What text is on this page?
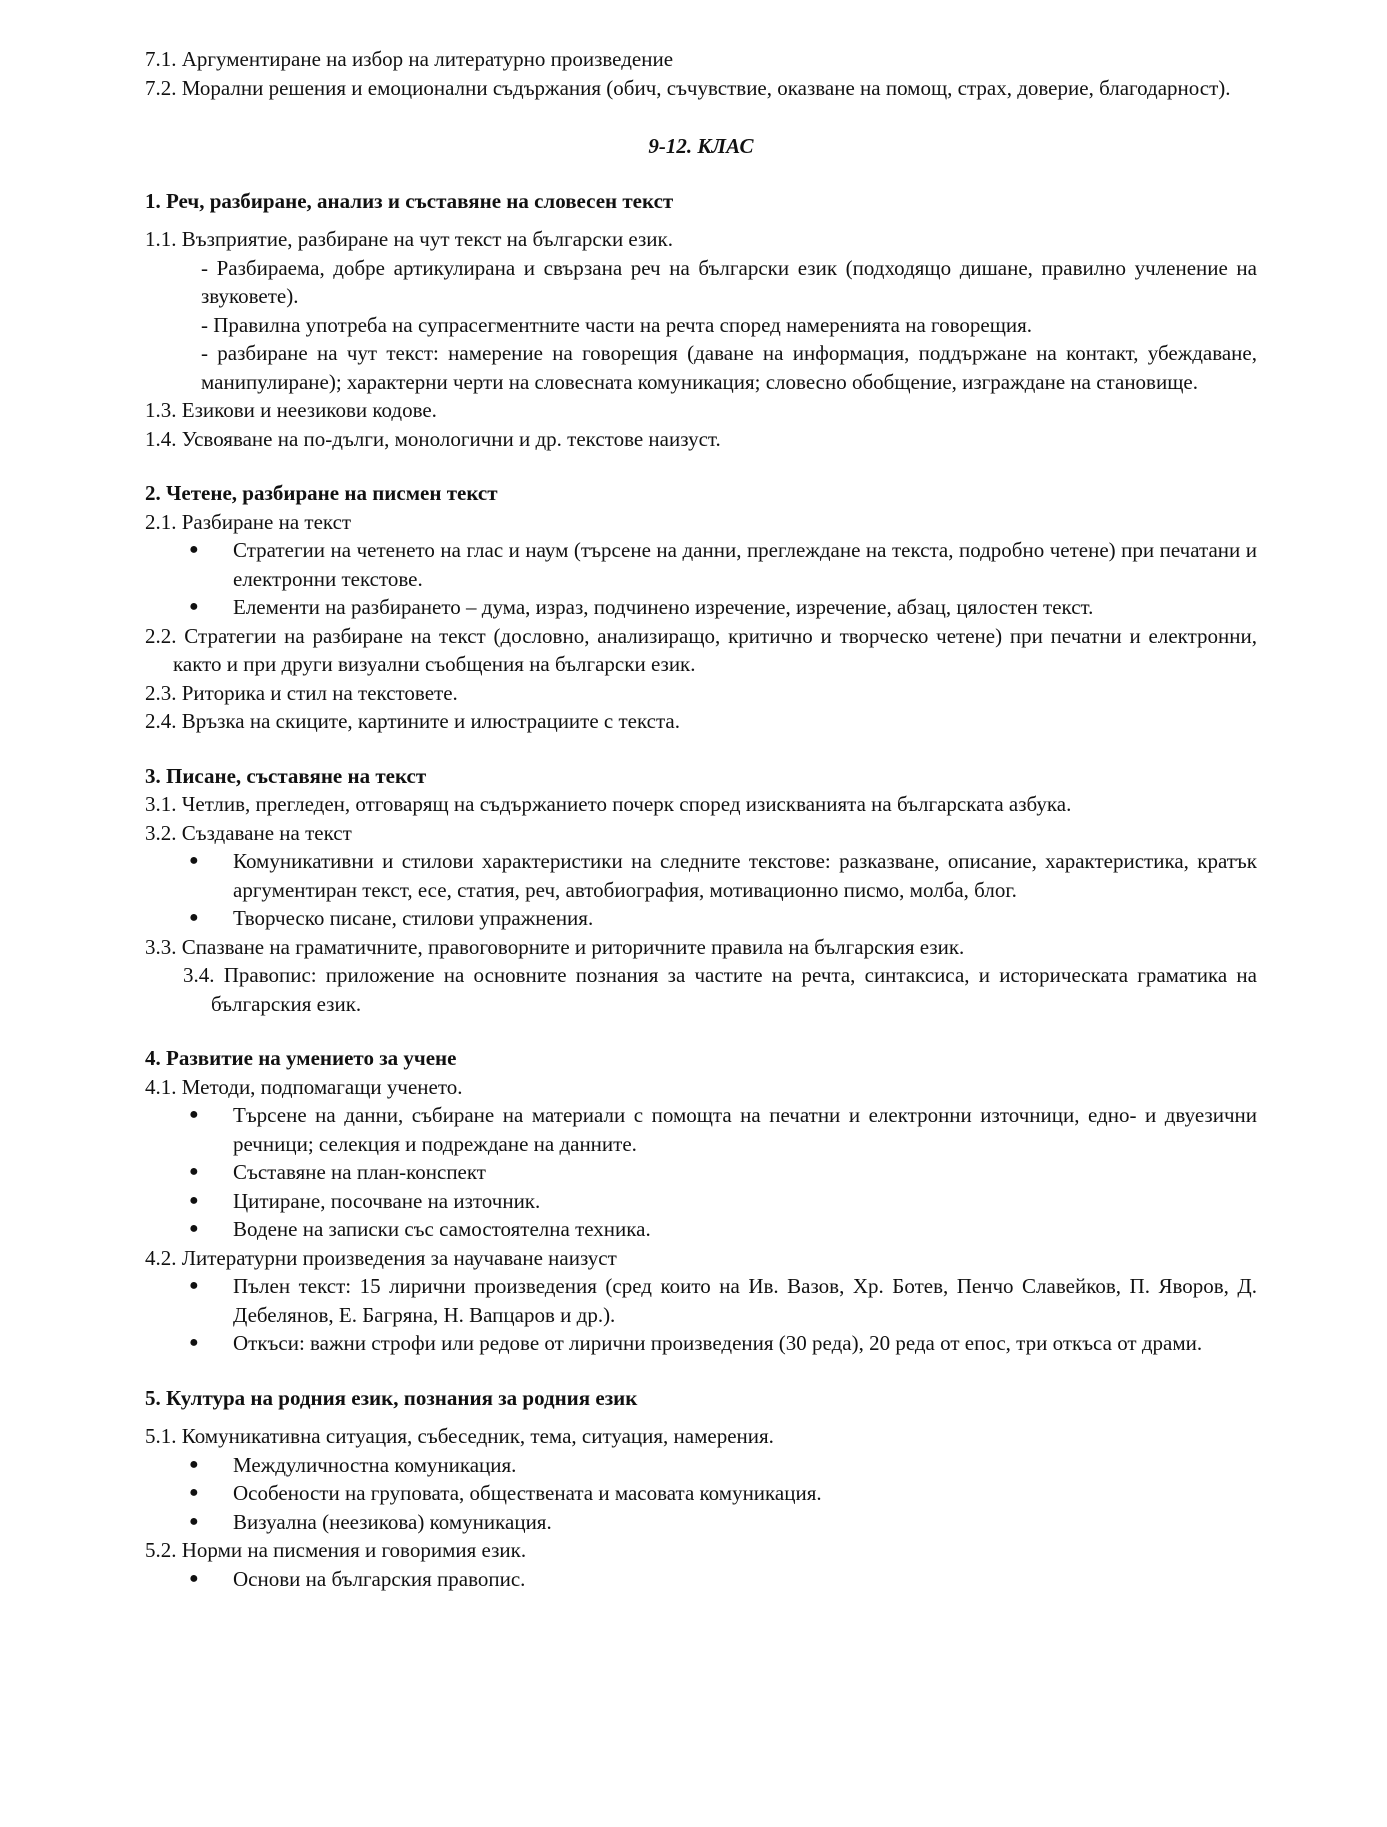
7.1. Аргументиране на избор на литературно произведение

7.2. Морални решения и емоционални съдържания (обич, съчувствие, оказване на помощ, страх, доверие, благодарност).

9-12. КЛАС

1. Реч, разбиране, анализ и съставяне на словесен текст

1.1. Възприятие, разбиране на чут текст на български език.

- Разбираема, добре артикулирана и свързана реч на български език (подходящо дишане, правилно учленение на звуковете).

- Правилна употреба на супрасегментните части на речта според намеренията на говорещия.

- разбиране на чут текст: намерение на говорещия (даване на информация, поддържане на контакт, убеждаване, манипулиране); характерни черти на словесната комуникация; словесно обобщение, изграждане на становище.

1.3. Езикови и неезикови кодове.

1.4. Усвояване на по-дълги, монологични и др. текстове наизуст.

2. Четене, разбиране на писмен текст

2.1. Разбиране на текст

● Стратегии на четенето на глас и наум (търсене на данни, преглеждане на текста, подробно четене) при печатани и електронни текстове.
● Елементи на разбирането – дума, израз, подчинено изречение, изречение, абзац, цялостен текст.

2.2. Стратегии на разбиране на текст (дословно, анализиращо, критично и творческо четене) при печатни и електронни, както и при други визуални съобщения на български език.

2.3. Риторика и стил на текстовете.

2.4. Връзка на скиците, картините и илюстрациите с текста.

3. Писане, съставяне на текст

3.1. Четлив, прегледен, отговарящ на съдържанието почерк според изискванията на българската азбука.

3.2. Създаване на текст

● Комуникативни и стилови характеристики на следните текстове: разказване, описание, характеристика, кратък аргументиран текст, есе, статия, реч, автобиография, мотивационно писмо, молба, блог.
● Творческо писане, стилови упражнения.

3.3. Спазване на граматичните, правоговорните и риторичните правила на българския език.

3.4. Правопис: приложение на основните познания за частите на речта, синтаксиса, и историческата граматика на българския език.

4. Развитие на умението за учене

4.1. Методи, подпомагащи ученето.

● Търсене на данни, събиране на материали с помощта на печатни и електронни източници, едно- и двуезични речници; селекция и подреждане на данните.
● Съставяне на план-конспект
● Цитиране, посочване на източник.
● Водене на записки със самостоятелна техника.

4.2. Литературни произведения за научаване наизуст

● Пълен текст: 15 лирични произведения (сред които на Ив. Вазов, Хр. Ботев, Пенчо Славейков, П. Яворов, Д. Дебелянов, Е. Багряна, Н. Вапцаров и др.).
● Откъси: важни строфи или редове от лирични произведения (30 реда), 20 реда от епос, три откъса от драми.

5. Култура на родния език, познания за родния език

5.1. Комуникативна ситуация, събеседник, тема, ситуация, намерения.

● Междуличностна комуникация.
● Особености на груповата, обществената и масовата комуникация.
● Визуална (неезикова) комуникация.

5.2. Норми на писмения и говоримия език.

● Основи на българския правопис.
